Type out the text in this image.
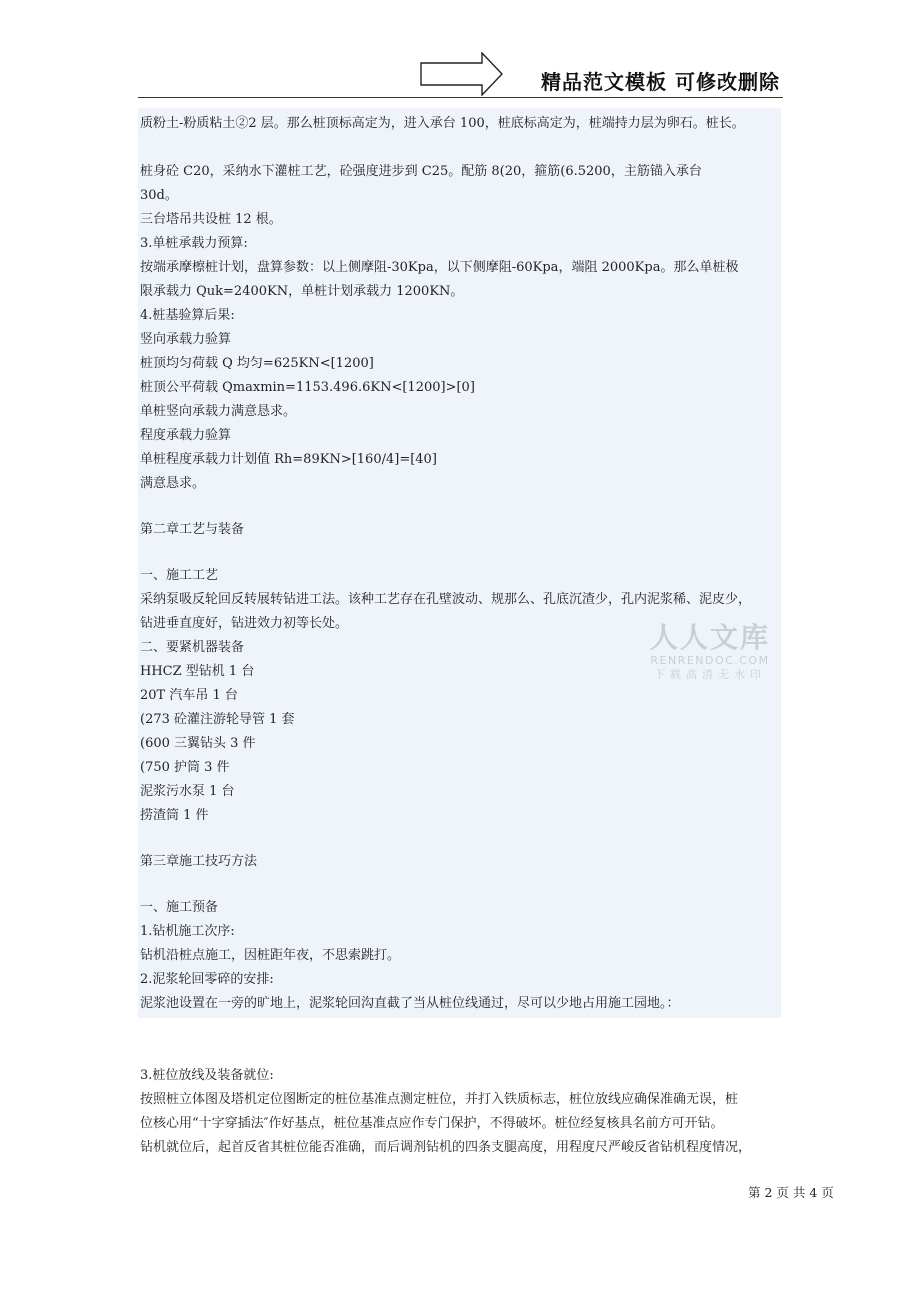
精品范文模板 可修改删除
质粉土-粉质粘土②2 层。那么桩顶标高定为，进入承台 100，桩底标高定为，桩端持力层为卵石。桩长。
桩身砼 C20，采纳水下灌桩工艺，砼强度进步到 C25。配筋 8(20，箍筋(6.5200，主筋锚入承台
30d。
三台塔吊共设桩 12 根。
3.单桩承载力预算:
按端承摩檫桩计划，盘算参数：以上侧摩阻-30Kpa，以下侧摩阻-60Kpa，端阻 2000Kpa。那么单桩极
限承载力 Quk=2400KN，单桩计划承载力 1200KN。
4.桩基验算后果:
竖向承载力验算
桩顶均匀荷载 Q 均匀=625KN<[1200]
桩顶公平荷载 Qmaxmin=1153.496.6KN<[1200]>[0]
单桩竖向承载力满意恳求。
程度承载力验算
单桩程度承载力计划值 Rh=89KN>[160/4]=[40]
满意恳求。
第二章工艺与装备
一、施工工艺
采纳泵吸反轮回反转展转钻进工法。该种工艺存在孔壁波动、规那么、孔底沉渣少，孔内泥浆稀、泥皮少，
钻进垂直度好，钻进效力初等长处。
二、要紧机器装备
HHCZ 型钻机 1 台
20T 汽车吊 1 台
(273 砼灌注游轮导管 1 套
(600 三翼钻头 3 件
(750 护筒 3 件
泥浆污水泵 1 台
捞渣筒 1 件
第三章施工技巧方法
一、施工预备
1.钻机施工次序:
钻机沿桩点施工，因桩距年夜，不思索跳打。
2.泥浆轮回零碎的安排:
泥浆池设置在一旁的旷地上，泥浆轮回沟直截了当从桩位线通过，尽可以少地占用施工园地。：
3.桩位放线及装备就位:
按照桩立体图及塔机定位图断定的桩位基准点测定桩位，并打入铁质标志，桩位放线应确保准确无误，桩
位核心用“十字穿插法″作好基点，桩位基准点应作专门保护，不得破坏。桩位经复核具名前方可开钻。
钻机就位后，起首反省其桩位能否准确，而后调剂钻机的四条支腿高度，用程度尺严峻反省钻机程度情况，
人人文库
RENRENDOC.COM
下载高清无水印
第 2 页 共 4 页
